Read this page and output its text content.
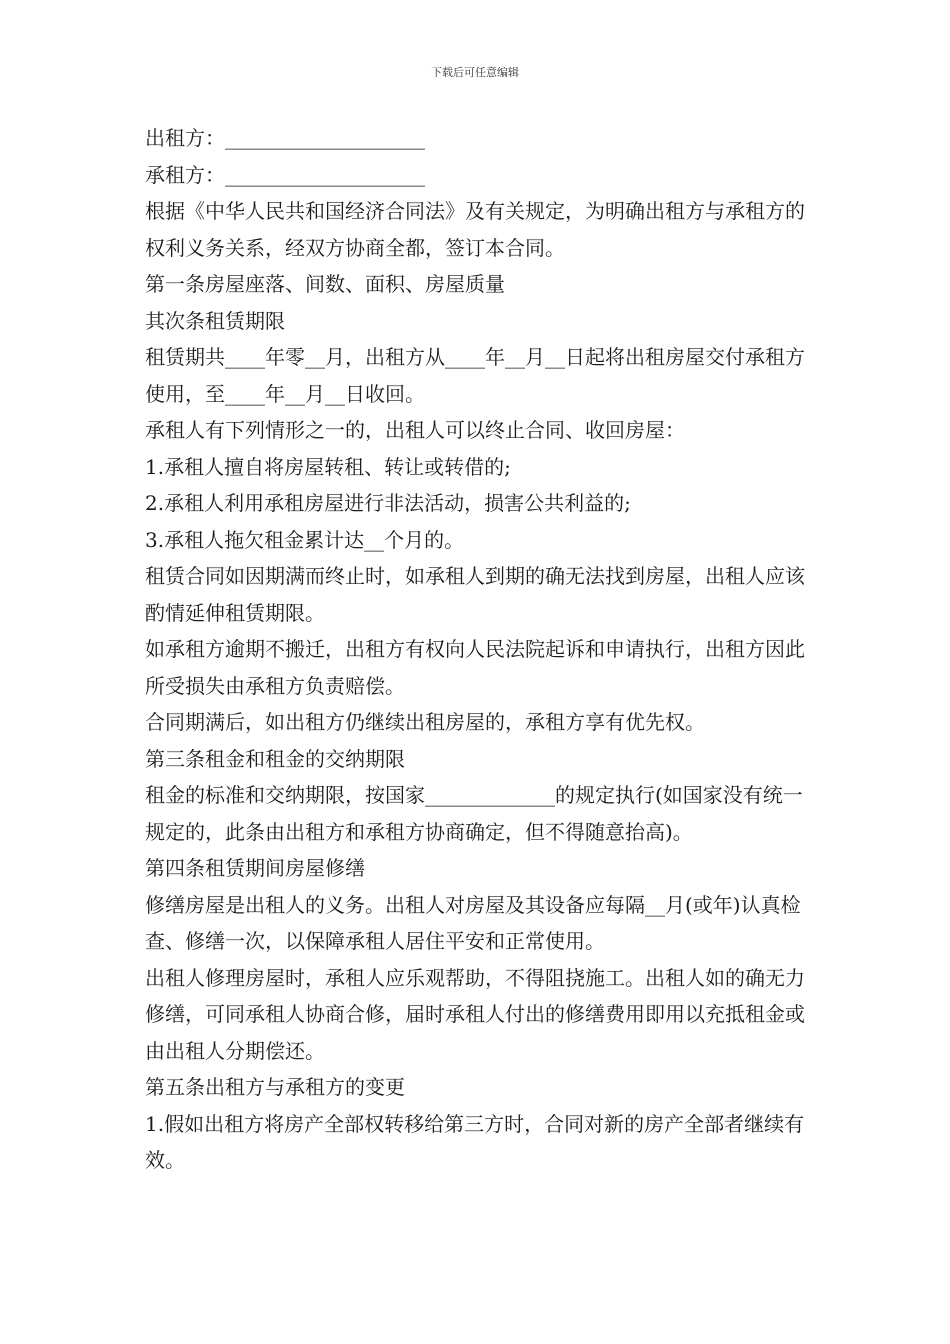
下载后可任意编辑

出租方：____________________

承租方：____________________

根据《中华人民共和国经济合同法》及有关规定，为明确出租方与承租方的权利义务关系，经双方协商全都，签订本合同。

第一条房屋座落、间数、面积、房屋质量

其次条租赁期限

租赁期共____年零__月，出租方从____年__月__日起将出租房屋交付承租方使用，至____年__月__日收回。

承租人有下列情形之一的，出租人可以终止合同、收回房屋：

1.承租人擅自将房屋转租、转让或转借的;

2.承租人利用承租房屋进行非法活动，损害公共利益的;

3.承租人拖欠租金累计达__个月的。

租赁合同如因期满而终止时，如承租人到期的确无法找到房屋，出租人应该酌情延伸租赁期限。

如承租方逾期不搬迁，出租方有权向人民法院起诉和申请执行，出租方因此所受损失由承租方负责赔偿。

合同期满后，如出租方仍继续出租房屋的，承租方享有优先权。

第三条租金和租金的交纳期限

租金的标准和交纳期限，按国家_____________的规定执行(如国家没有统一规定的，此条由出租方和承租方协商确定，但不得随意抬高)。

第四条租赁期间房屋修缮

修缮房屋是出租人的义务。出租人对房屋及其设备应每隔__月(或年)认真检查、修缮一次，以保障承租人居住平安和正常使用。

出租人修理房屋时，承租人应乐观帮助，不得阻挠施工。出租人如的确无力修缮，可同承租人协商合修，届时承租人付出的修缮费用即用以充抵租金或由出租人分期偿还。

第五条出租方与承租方的变更

1.假如出租方将房产全部权转移给第三方时，合同对新的房产全部者继续有效。
